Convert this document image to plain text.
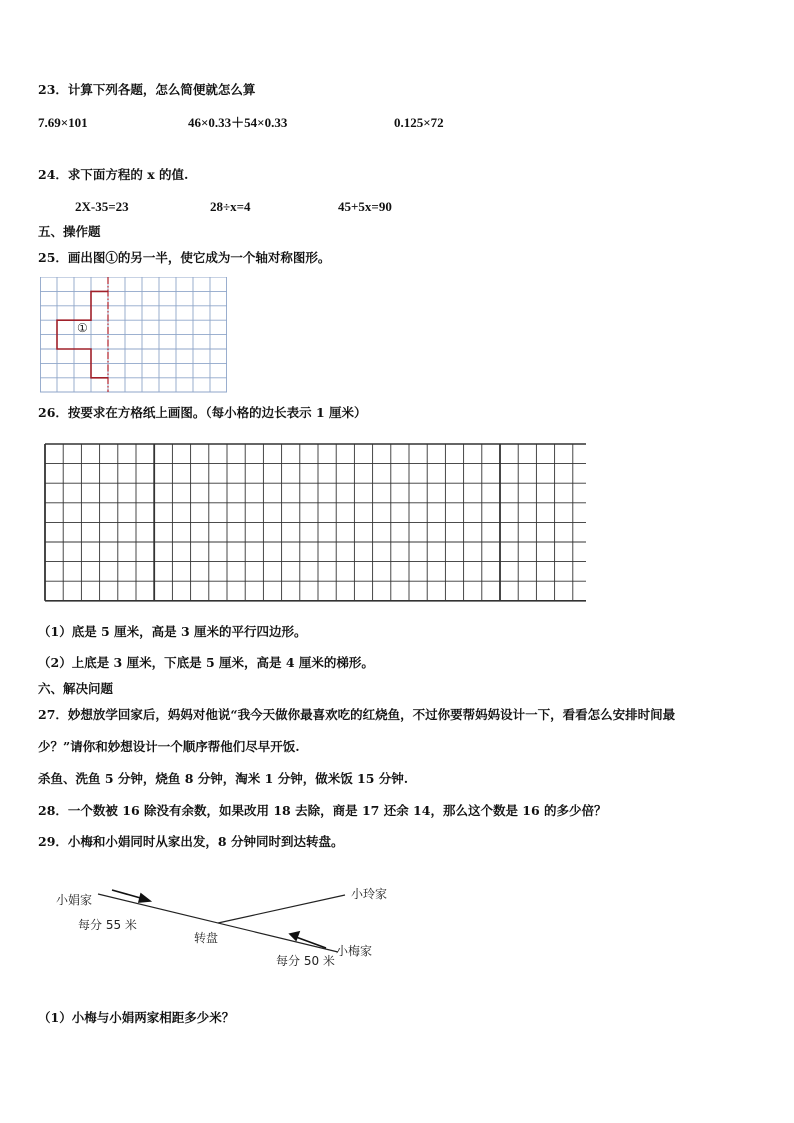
23．计算下列各题，怎么简便就怎么算
7.69×101	46×0.33＋54×0.33	0.125×72
24．求下面方程的 x 的值.
2X-35=23	28÷x=4	45+5x=90
五、操作题
25．画出图①的另一半，使它成为一个轴对称图形。
①
26．按要求在方格纸上画图。（每小格的边长表示 1 厘米）
（1）底是 5 厘米，高是 3 厘米的平行四边形。
（2）上底是 3 厘米，下底是 5 厘米，高是 4 厘米的梯形。
六、解决问题
27．妙想放学回家后，妈妈对他说“我今天做你最喜欢吃的红烧鱼，不过你要帮妈妈设计一下，看看怎么安排时间最
少？”请你和妙想设计一个顺序帮他们尽早开饭.
杀鱼、洗鱼 5 分钟，烧鱼 8 分钟，淘米 1 分钟，做米饭 15 分钟.
28．一个数被 16 除没有余数，如果改用 18 去除，商是 17 还余 14，那么这个数是 16 的多少倍？
29．小梅和小娟同时从家出发，8 分钟同时到达转盘。
小娟家	小玲家
小梅家
转盘
每分 55 米
每分 50 米
（1）小梅与小娟两家相距多少米？
